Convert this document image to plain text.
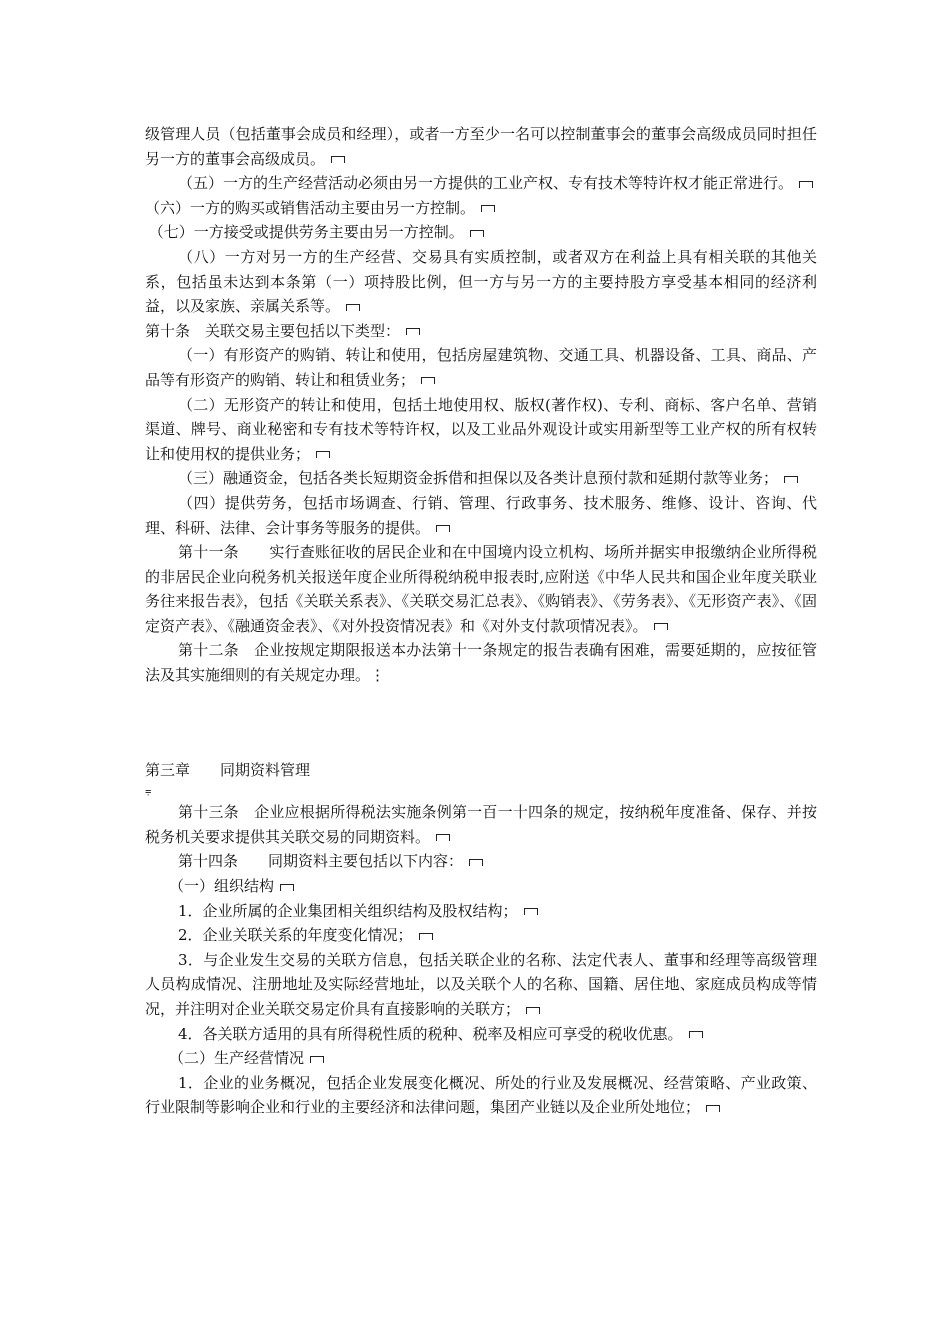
级管理人员（包括董事会成员和经理），或者一方至少一名可以控制董事会的董事会高级成员同时担任另一方的董事会高级成员。

（五）一方的生产经营活动必须由另一方提供的工业产权、专有技术等特许权才能正常进行。

（六）一方的购买或销售活动主要由另一方控制。

（七）一方接受或提供劳务主要由另一方控制。

（八）一方对另一方的生产经营、交易具有实质控制，或者双方在利益上具有相关联的其他关系，包括虽未达到本条第（一）项持股比例，但一方与另一方的主要持股方享受基本相同的经济利益，以及家族、亲属关系等。

第十条　关联交易主要包括以下类型：

（一）有形资产的购销、转让和使用，包括房屋建筑物、交通工具、机器设备、工具、商品、产品等有形资产的购销、转让和租赁业务；

（二）无形资产的转让和使用，包括土地使用权、版权(著作权)、专利、商标、客户名单、营销渠道、牌号、商业秘密和专有技术等特许权，以及工业品外观设计或实用新型等工业产权的所有权转让和使用权的提供业务；

（三）融通资金，包括各类长短期资金拆借和担保以及各类计息预付款和延期付款等业务；

（四）提供劳务，包括市场调查、行销、管理、行政事务、技术服务、维修、设计、咨询、代理、科研、法律、会计事务等服务的提供。

第十一条　　实行查账征收的居民企业和在中国境内设立机构、场所并据实申报缴纳企业所得税的非居民企业向税务机关报送年度企业所得税纳税申报表时,应附送《中华人民共和国企业年度关联业务往来报告表》，包括《关联关系表》、《关联交易汇总表》、《购销表》、《劳务表》、《无形资产表》、《固定资产表》、《融通资金表》、《对外投资情况表》和《对外支付款项情况表》。

第十二条　企业按规定期限报送本办法第十一条规定的报告表确有困难，需要延期的，应按征管法及其实施细则的有关规定办理。⋮

第三章　　同期资料管理

⩦

第十三条　企业应根据所得税法实施条例第一百一十四条的规定，按纳税年度准备、保存、并按税务机关要求提供其关联交易的同期资料。

第十四条　　同期资料主要包括以下内容：

（一）组织结构

1．企业所属的企业集团相关组织结构及股权结构；

2．企业关联关系的年度变化情况；

3．与企业发生交易的关联方信息，包括关联企业的名称、法定代表人、董事和经理等高级管理人员构成情况、注册地址及实际经营地址，以及关联个人的名称、国籍、居住地、家庭成员构成等情况，并注明对企业关联交易定价具有直接影响的关联方；

4．各关联方适用的具有所得税性质的税种、税率及相应可享受的税收优惠。

（二）生产经营情况

1．企业的业务概况，包括企业发展变化概况、所处的行业及发展概况、经营策略、产业政策、行业限制等影响企业和行业的主要经济和法律问题，集团产业链以及企业所处地位；
